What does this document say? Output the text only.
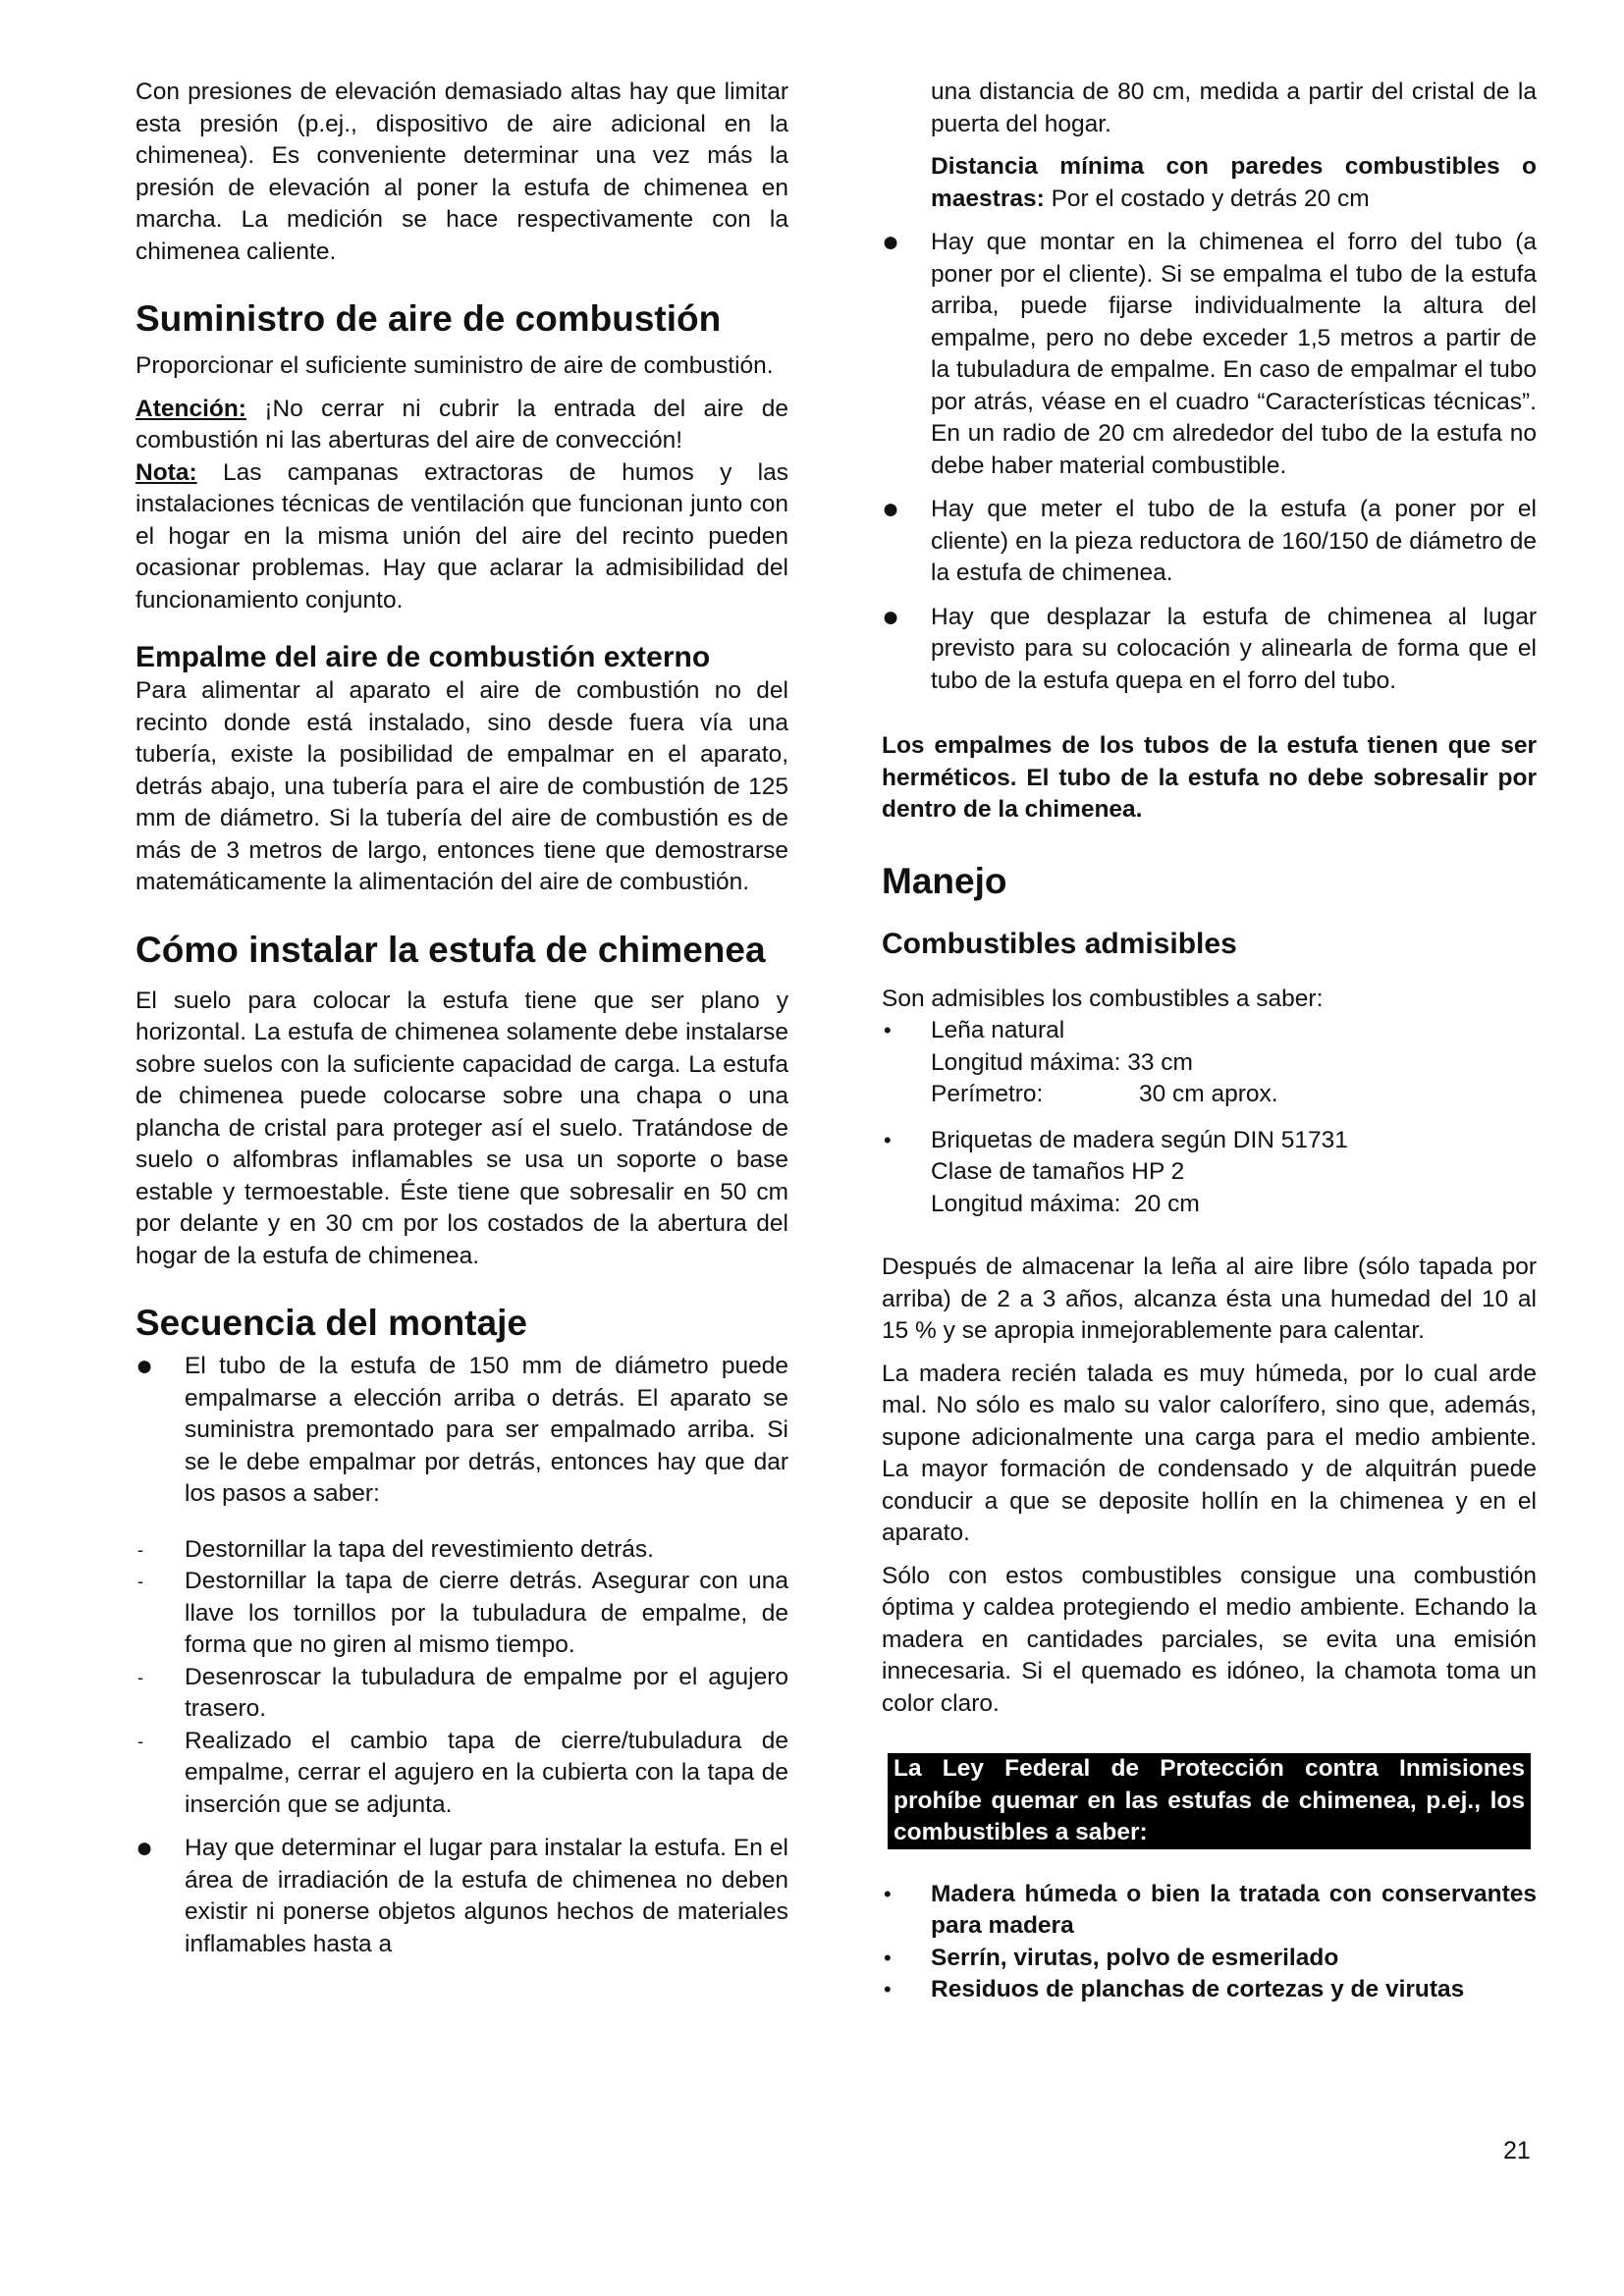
Con presiones de elevación demasiado altas hay que limitar esta presión (p.ej., dispositivo de aire adicional en la chimenea). Es conveniente determinar una vez más la presión de elevación al poner la estufa de chimenea en marcha. La medición se hace respectivamente con la chimenea caliente.

Suministro de aire de combustión

Proporcionar el suficiente suministro de aire de combustión.

Atención: ¡No cerrar ni cubrir la entrada del aire de combustión ni las aberturas del aire de convección!

Nota: Las campanas extractoras de humos y las instalaciones técnicas de ventilación que funcionan junto con el hogar en la misma unión del aire del recinto pueden ocasionar problemas. Hay que aclarar la admisibilidad del funcionamiento conjunto.

Empalme del aire de combustión externo

Para alimentar al aparato el aire de combustión no del recinto donde está instalado, sino desde fuera vía una tubería, existe la posibilidad de empalmar en el aparato, detrás abajo, una tubería para el aire de combustión de 125 mm de diámetro. Si la tubería del aire de combustión es de más de 3 metros de largo, entonces tiene que demostrarse matemáticamente la alimentación del aire de combustión.

Cómo instalar la estufa de chimenea

El suelo para colocar la estufa tiene que ser plano y horizontal. La estufa de chimenea solamente debe instalarse sobre suelos con la suficiente capacidad de carga. La estufa de chimenea puede colocarse sobre una chapa o una plancha de cristal para proteger así el suelo. Tratándose de suelo o alfombras inflamables se usa un soporte o base estable y termoestable. Éste tiene que sobresalir en 50 cm por delante y en 30 cm por los costados de la abertura del hogar de la estufa de chimenea.

Secuencia del montaje
●	El tubo de la estufa de 150 mm de diámetro puede empalmarse a elección arriba o detrás. El aparato se suministra premontado para ser empalmado arriba. Si se le debe empalmar por detrás, entonces hay que dar los pasos a saber:

-	Destornillar la tapa del revestimiento detrás.

-	Destornillar la tapa de cierre detrás. Asegurar con una llave los tornillos por la tubuladura de empalme, de forma que no giren al mismo tiempo.

-	Desenroscar la tubuladura de empalme por el agujero trasero.

-	Realizado el cambio tapa de cierre/tubuladura de empalme, cerrar el agujero en la cubierta con la tapa de inserción que se adjunta.

●	Hay que determinar el lugar para instalar la estufa. En el área de irradiación de la estufa de chimenea no deben existir ni ponerse objetos algunos hechos de materiales inflamables hasta a

una distancia de 80 cm, medida a partir del cristal de la puerta del hogar.

Distancia mínima con paredes combustibles o maestras: Por el costado y detrás 20 cm

●	Hay que montar en la chimenea el forro del tubo (a poner por el cliente). Si se empalma el tubo de la estufa arriba, puede fijarse individualmente la altura del empalme, pero no debe exceder 1,5 metros a partir de la tubuladura de empalme. En caso de empalmar el tubo por atrás, véase en el cuadro “Características técnicas”. En un radio de 20 cm alrededor del tubo de la estufa no debe haber material combustible.

●	Hay que meter el tubo de la estufa (a poner por el cliente) en la pieza reductora de 160/150 de diámetro de la estufa de chimenea.

●	Hay que desplazar la estufa de chimenea al lugar previsto para su colocación y alinearla de forma que el tubo de la estufa quepa en el forro del tubo.

Los empalmes de los tubos de la estufa tienen que ser herméticos. El tubo de la estufa no debe sobresalir por dentro de la chimenea.

Manejo
Combustibles admisibles

Son admisibles los combustibles a saber:

•	Leña natural

Longitud máxima: 33 cm

Perímetro:	30 cm aprox.

•	Briquetas de madera según DIN 51731

Clase de tamaños HP 2

Longitud máxima: 20 cm

Después de almacenar la leña al aire libre (sólo tapada por arriba) de 2 a 3 años, alcanza ésta una humedad del 10 al 15 % y se apropia inmejorablemente para calentar.

La madera recién talada es muy húmeda, por lo cual arde mal. No sólo es malo su valor calorífero, sino que, además, supone adicionalmente una carga para el medio ambiente. La mayor formación de condensado y de alquitrán puede conducir a que se deposite hollín en la chimenea y en el aparato.

Sólo con estos combustibles consigue una combustión óptima y caldea protegiendo el medio ambiente. Echando la madera en cantidades parciales, se evita una emisión innecesaria. Si el quemado es idóneo, la chamota toma un color claro.

La Ley Federal de Protección contra Inmisiones prohíbe quemar en las estufas de chimenea, p.ej., los combustibles a saber:

•	Madera húmeda o bien la tratada con conservantes para madera

•	Serrín, virutas, polvo de esmerilado

•	Residuos de planchas de cortezas y de virutas

21
